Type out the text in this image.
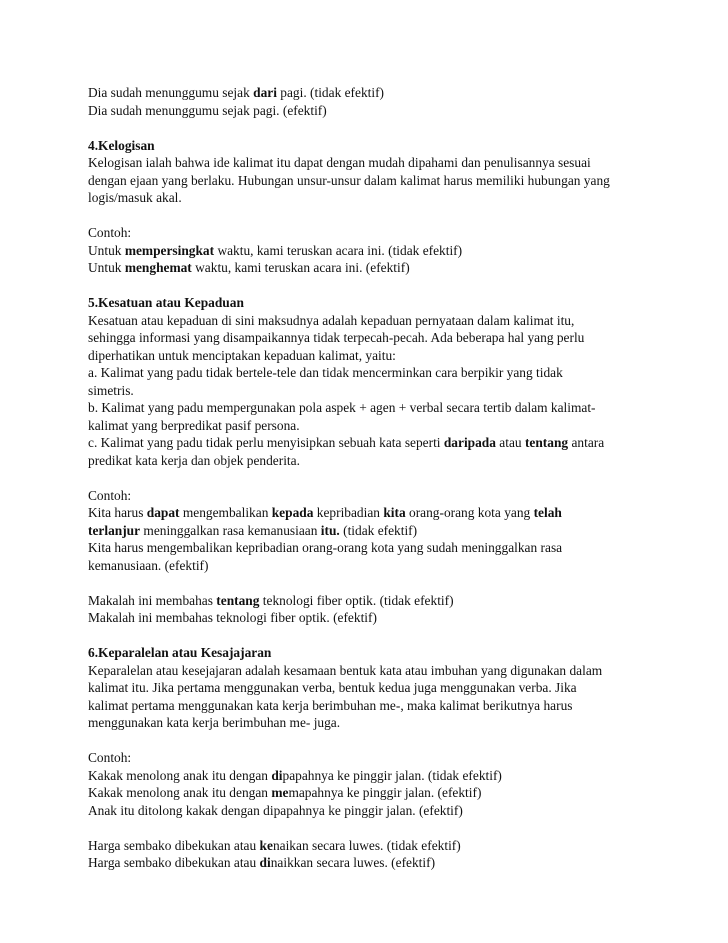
Dia sudah menunggumu sejak dari pagi. (tidak efektif)
Dia sudah menunggumu sejak pagi. (efektif)
4.Kelogisan
Kelogisan ialah bahwa ide kalimat itu dapat dengan mudah dipahami dan penulisannya sesuai
dengan ejaan yang berlaku. Hubungan unsur-unsur dalam kalimat harus memiliki hubungan yang
logis/masuk akal.
Contoh:
Untuk mempersingkat waktu, kami teruskan acara ini. (tidak efektif)
Untuk menghemat waktu, kami teruskan acara ini. (efektif)
5.Kesatuan atau Kepaduan
Kesatuan atau kepaduan di sini maksudnya adalah kepaduan pernyataan dalam kalimat itu,
sehingga informasi yang disampaikannya tidak terpecah-pecah. Ada beberapa hal yang perlu
diperhatikan untuk menciptakan kepaduan kalimat, yaitu:
a. Kalimat yang padu tidak bertele-tele dan tidak mencerminkan cara berpikir yang tidak
simetris.
b. Kalimat yang padu mempergunakan pola aspek + agen + verbal secara tertib dalam kalimat-
kalimat yang berpredikat pasif persona.
c. Kalimat yang padu tidak perlu menyisipkan sebuah kata seperti daripada atau tentang antara
predikat kata kerja dan objek penderita.
Contoh:
Kita harus dapat mengembalikan kepada kepribadian kita orang-orang kota yang telah
terlanjur meninggalkan rasa kemanusiaan itu. (tidak efektif)
Kita harus mengembalikan kepribadian orang-orang kota yang sudah meninggalkan rasa
kemanusiaan. (efektif)
Makalah ini membahas tentang teknologi fiber optik. (tidak efektif)
Makalah ini membahas teknologi fiber optik. (efektif)
6.Keparalelan atau Kesajajaran
Keparalelan atau kesejajaran adalah kesamaan bentuk kata atau imbuhan yang digunakan dalam
kalimat itu. Jika pertama menggunakan verba, bentuk kedua juga menggunakan verba. Jika
kalimat pertama menggunakan kata kerja berimbuhan me-, maka kalimat berikutnya harus
menggunakan kata kerja berimbuhan me- juga.
Contoh:
Kakak menolong anak itu dengan dipapahnya ke pinggir jalan. (tidak efektif)
Kakak menolong anak itu dengan memapahnya ke pinggir jalan. (efektif)
Anak itu ditolong kakak dengan dipapahnya ke pinggir jalan. (efektif)
Harga sembako dibekukan atau kenaikan secara luwes. (tidak efektif)
Harga sembako dibekukan atau dinaikkan secara luwes. (efektif)
